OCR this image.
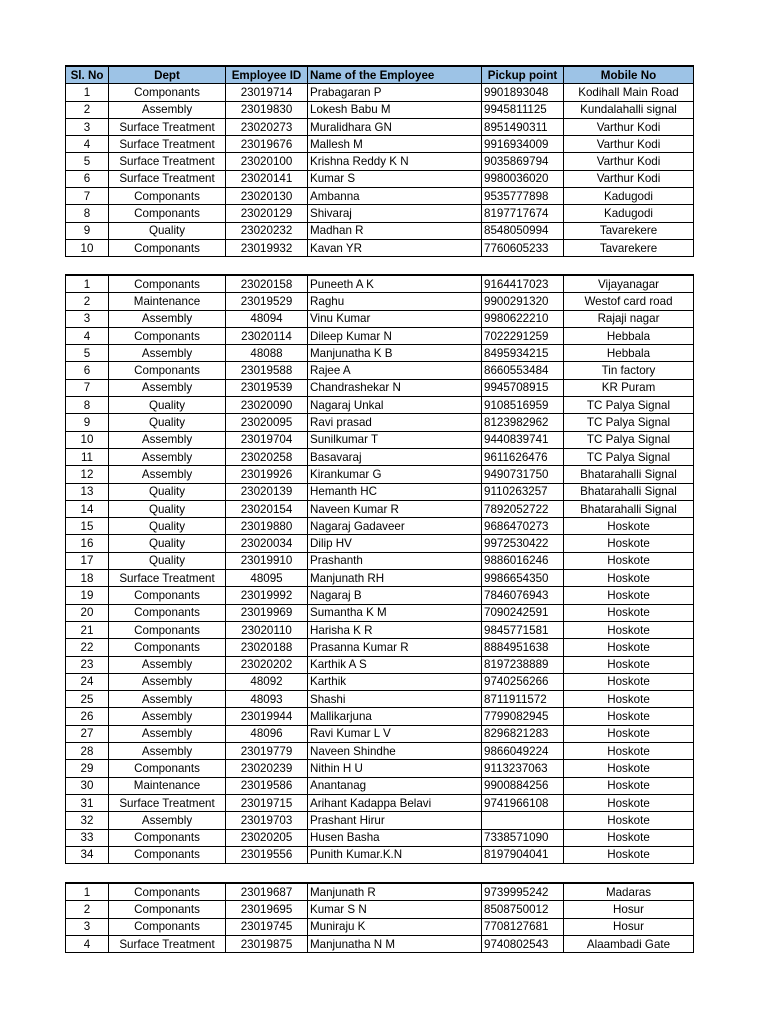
Sl. No	Dept	Employee ID	Name of the Employee	Pickup point	Mobile No
1	Componants	23019714	Prabagaran P	9901893048	Kodihall Main Road
2	Assembly	23019830	Lokesh Babu M	9945811125	Kundalahalli signal
3	Surface Treatment	23020273	Muralidhara GN	8951490311	Varthur Kodi
4	Surface Treatment	23019676	Mallesh M	9916934009	Varthur Kodi
5	Surface Treatment	23020100	Krishna Reddy K N	9035869794	Varthur Kodi
6	Surface Treatment	23020141	Kumar S	9980036020	Varthur Kodi
7	Componants	23020130	Ambanna	9535777898	Kadugodi
8	Componants	23020129	Shivaraj	8197717674	Kadugodi
9	Quality	23020232	Madhan R	8548050994	Tavarekere
10	Componants	23019932	Kavan YR	7760605233	Tavarekere
1	Componants	23020158	Puneeth A K	9164417023	Vijayanagar
2	Maintenance	23019529	Raghu	9900291320	Westof card road
3	Assembly	48094	Vinu Kumar	9980622210	Rajaji nagar
4	Componants	23020114	Dileep Kumar N	7022291259	Hebbala
5	Assembly	48088	Manjunatha K B	8495934215	Hebbala
6	Componants	23019588	Rajee A	8660553484	Tin factory
7	Assembly	23019539	Chandrashekar N	9945708915	KR Puram
8	Quality	23020090	Nagaraj Unkal	9108516959	TC Palya Signal
9	Quality	23020095	Ravi prasad	8123982962	TC Palya Signal
10	Assembly	23019704	Sunilkumar T	9440839741	TC Palya Signal
11	Assembly	23020258	Basavaraj	9611626476	TC Palya Signal
12	Assembly	23019926	Kirankumar G	9490731750	Bhatarahalli Signal
13	Quality	23020139	Hemanth HC	9110263257	Bhatarahalli Signal
14	Quality	23020154	Naveen Kumar R	7892052722	Bhatarahalli Signal
15	Quality	23019880	Nagaraj Gadaveer	9686470273	Hoskote
16	Quality	23020034	Dilip HV	9972530422	Hoskote
17	Quality	23019910	Prashanth	9886016246	Hoskote
18	Surface Treatment	48095	Manjunath RH	9986654350	Hoskote
19	Componants	23019992	Nagaraj B	7846076943	Hoskote
20	Componants	23019969	Sumantha K M	7090242591	Hoskote
21	Componants	23020110	Harisha K R	9845771581	Hoskote
22	Componants	23020188	Prasanna Kumar R	8884951638	Hoskote
23	Assembly	23020202	Karthik A S	8197238889	Hoskote
24	Assembly	48092	Karthik	9740256266	Hoskote
25	Assembly	48093	Shashi	8711911572	Hoskote
26	Assembly	23019944	Mallikarjuna	7799082945	Hoskote
27	Assembly	48096	Ravi Kumar L V	8296821283	Hoskote
28	Assembly	23019779	Naveen Shindhe	9866049224	Hoskote
29	Componants	23020239	Nithin H U	9113237063	Hoskote
30	Maintenance	23019586	Anantanag	9900884256	Hoskote
31	Surface Treatment	23019715	Arihant Kadappa Belavi	9741966108	Hoskote
32	Assembly	23019703	Prashant Hirur		Hoskote
33	Componants	23020205	Husen Basha	7338571090	Hoskote
34	Componants	23019556	Punith Kumar.K.N	8197904041	Hoskote
1	Componants	23019687	Manjunath R	9739995242	Madaras
2	Componants	23019695	Kumar S N	8508750012	Hosur
3	Componants	23019745	Muniraju K	7708127681	Hosur
4	Surface Treatment	23019875	Manjunatha N M	9740802543	Alaambadi Gate
